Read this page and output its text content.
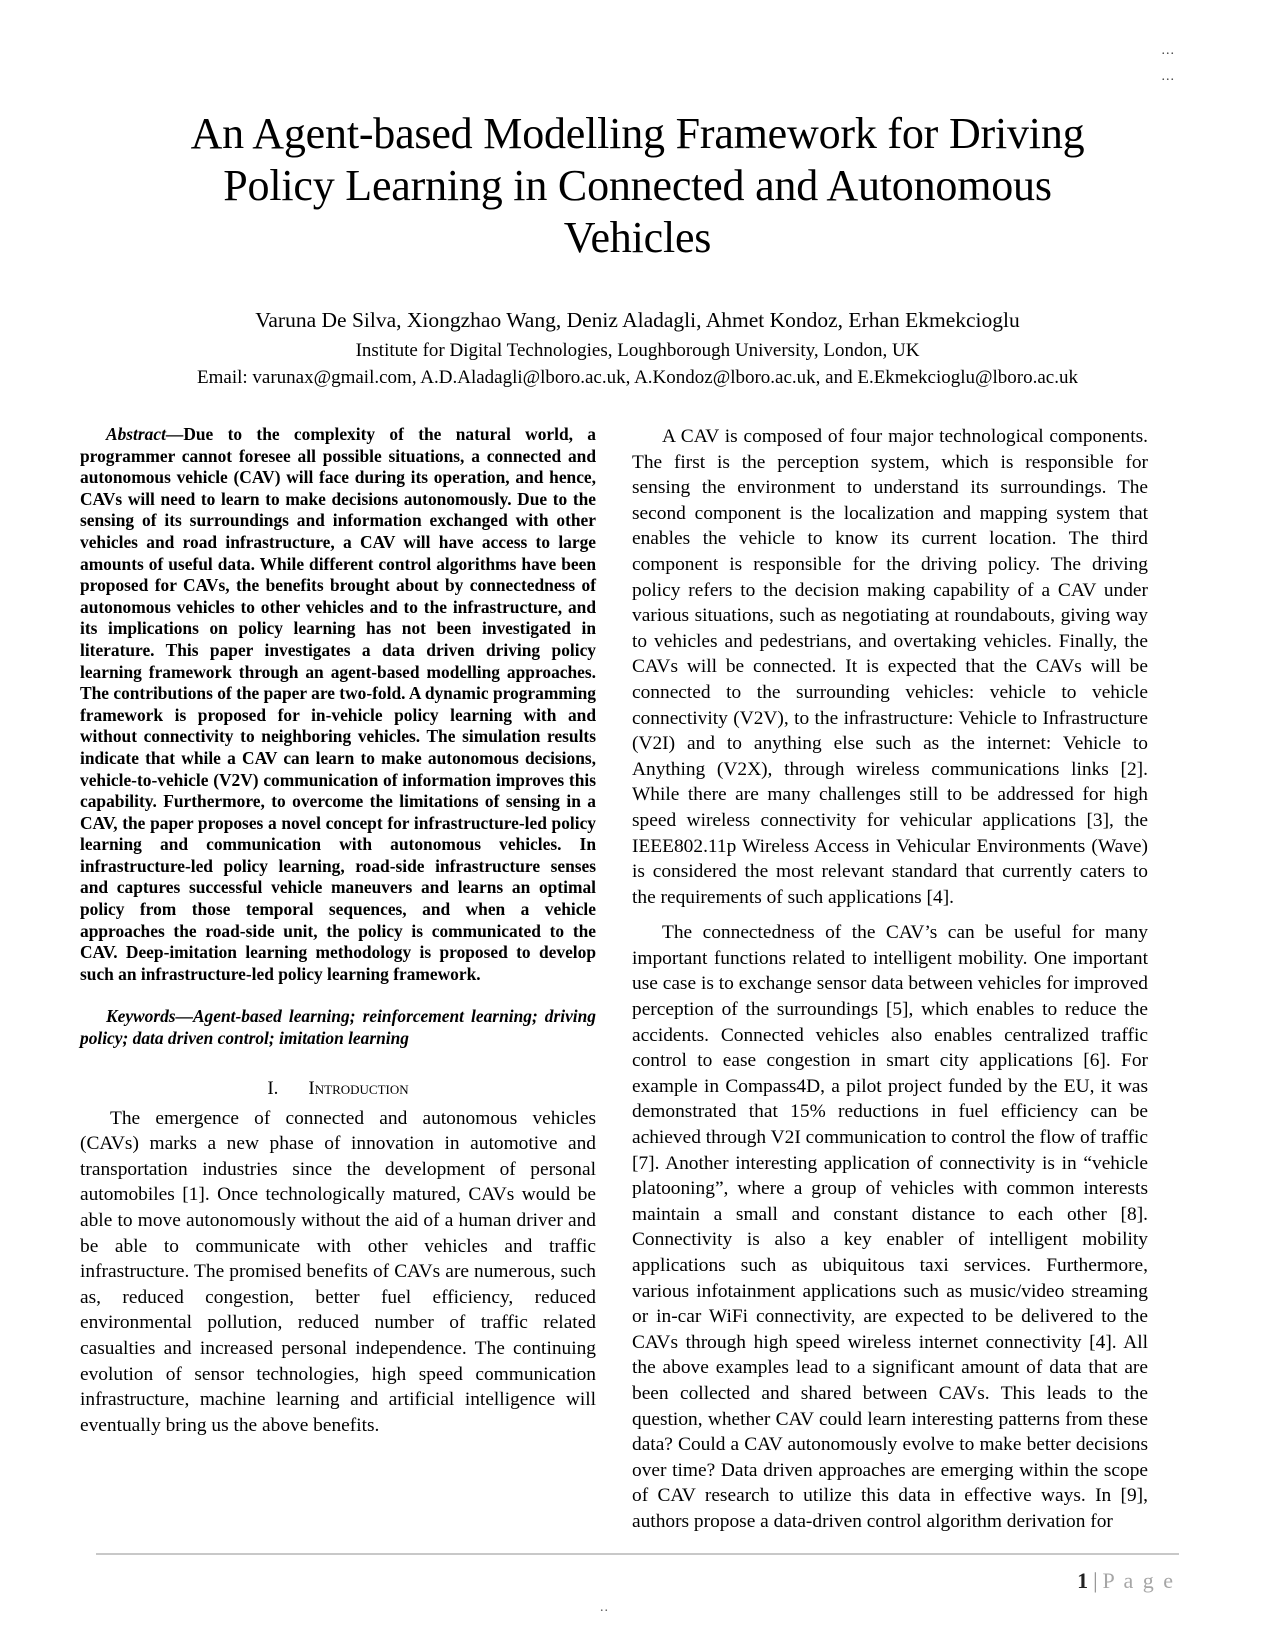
...
...
An Agent-based Modelling Framework for Driving Policy Learning in Connected and Autonomous Vehicles

Varuna De Silva, Xiongzhao Wang, Deniz Aladagli, Ahmet Kondoz, Erhan Ekmekcioglu

Institute for Digital Technologies, Loughborough University, London, UK

Email: varunax@gmail.com, A.D.Aladagli@lboro.ac.uk, A.Kondoz@lboro.ac.uk, and E.Ekmekcioglu@lboro.ac.uk

Abstract—Due to the complexity of the natural world, a programmer cannot foresee all possible situations, a connected and autonomous vehicle (CAV) will face during its operation, and hence, CAVs will need to learn to make decisions autonomously. Due to the sensing of its surroundings and information exchanged with other vehicles and road infrastructure, a CAV will have access to large amounts of useful data. While different control algorithms have been proposed for CAVs, the benefits brought about by connectedness of autonomous vehicles to other vehicles and to the infrastructure, and its implications on policy learning has not been investigated in literature. This paper investigates a data driven driving policy learning framework through an agent-based modelling approaches. The contributions of the paper are two-fold. A dynamic programming framework is proposed for in-vehicle policy learning with and without connectivity to neighboring vehicles. The simulation results indicate that while a CAV can learn to make autonomous decisions, vehicle-to-vehicle (V2V) communication of information improves this capability. Furthermore, to overcome the limitations of sensing in a CAV, the paper proposes a novel concept for infrastructure-led policy learning and communication with autonomous vehicles. In infrastructure-led policy learning, road-side infrastructure senses and captures successful vehicle maneuvers and learns an optimal policy from those temporal sequences, and when a vehicle approaches the road-side unit, the policy is communicated to the CAV. Deep-imitation learning methodology is proposed to develop such an infrastructure-led policy learning framework.

Keywords—Agent-based learning; reinforcement learning; driving policy; data driven control; imitation learning

I. Introduction

The emergence of connected and autonomous vehicles (CAVs) marks a new phase of innovation in automotive and transportation industries since the development of personal automobiles [1]. Once technologically matured, CAVs would be able to move autonomously without the aid of a human driver and be able to communicate with other vehicles and traffic infrastructure. The promised benefits of CAVs are numerous, such as, reduced congestion, better fuel efficiency, reduced environmental pollution, reduced number of traffic related casualties and increased personal independence. The continuing evolution of sensor technologies, high speed communication infrastructure, machine learning and artificial intelligence will eventually bring us the above benefits.

A CAV is composed of four major technological components. The first is the perception system, which is responsible for sensing the environment to understand its surroundings. The second component is the localization and mapping system that enables the vehicle to know its current location. The third component is responsible for the driving policy. The driving policy refers to the decision making capability of a CAV under various situations, such as negotiating at roundabouts, giving way to vehicles and pedestrians, and overtaking vehicles. Finally, the CAVs will be connected. It is expected that the CAVs will be connected to the surrounding vehicles: vehicle to vehicle connectivity (V2V), to the infrastructure: Vehicle to Infrastructure (V2I) and to anything else such as the internet: Vehicle to Anything (V2X), through wireless communications links [2]. While there are many challenges still to be addressed for high speed wireless connectivity for vehicular applications [3], the IEEE802.11p Wireless Access in Vehicular Environments (Wave) is considered the most relevant standard that currently caters to the requirements of such applications [4].

The connectedness of the CAV’s can be useful for many important functions related to intelligent mobility. One important use case is to exchange sensor data between vehicles for improved perception of the surroundings [5], which enables to reduce the accidents. Connected vehicles also enables centralized traffic control to ease congestion in smart city applications [6]. For example in Compass4D, a pilot project funded by the EU, it was demonstrated that 15% reductions in fuel efficiency can be achieved through V2I communication to control the flow of traffic [7]. Another interesting application of connectivity is in “vehicle platooning”, where a group of vehicles with common interests maintain a small and constant distance to each other [8]. Connectivity is also a key enabler of intelligent mobility applications such as ubiquitous taxi services. Furthermore, various infotainment applications such as music/video streaming or in-car WiFi connectivity, are expected to be delivered to the CAVs through high speed wireless internet connectivity [4]. All the above examples lead to a significant amount of data that are been collected and shared between CAVs. This leads to the question, whether CAV could learn interesting patterns from these data? Could a CAV autonomously evolve to make better decisions over time? Data driven approaches are emerging within the scope of CAV research to utilize this data in effective ways. In [9], authors propose a data-driven control algorithm derivation for

1 | P a g e
..
